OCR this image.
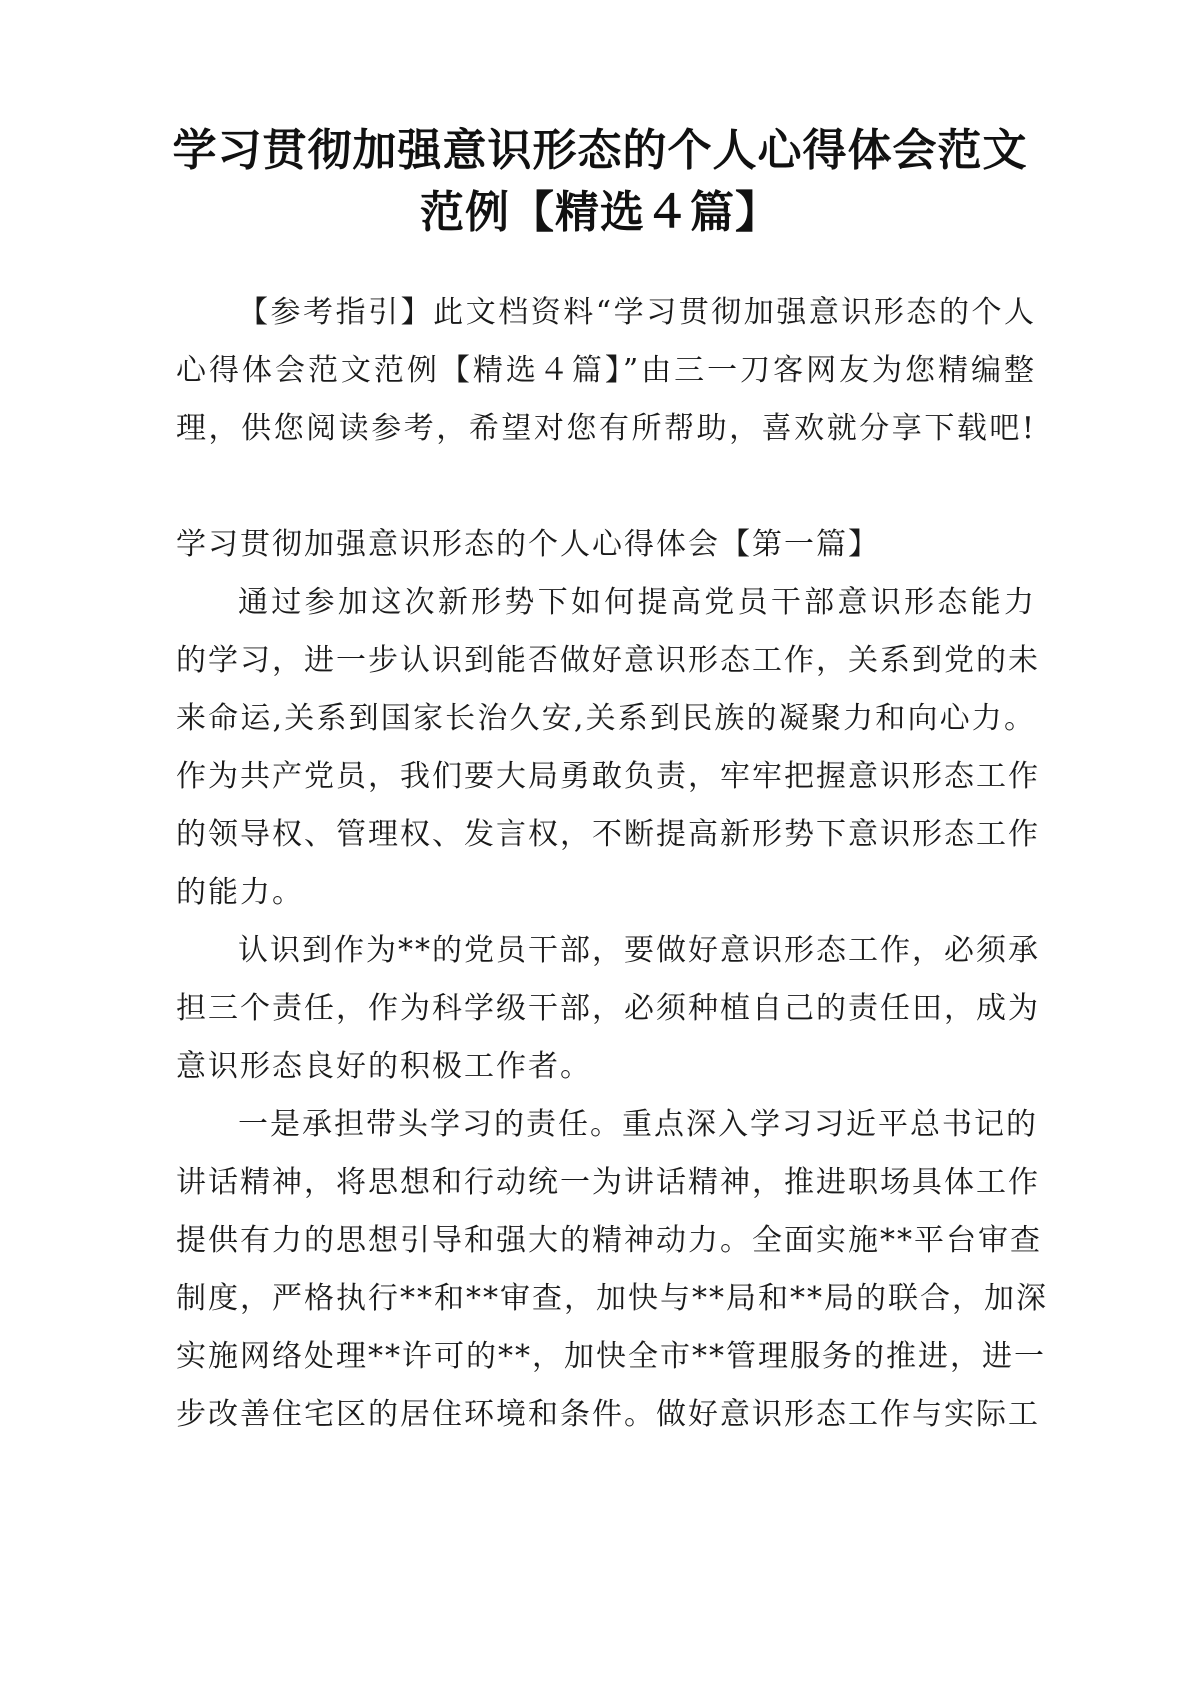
学习贯彻加强意识形态的个人心得体会范文
范例【精选４篇】
【参考指引】此文档资料“学习贯彻加强意识形态的个人
心得体会范文范例【精选４篇】”由三一刀客网友为您精编整
理，供您阅读参考，希望对您有所帮助，喜欢就分享下载吧!
学习贯彻加强意识形态的个人心得体会【第一篇】
通过参加这次新形势下如何提高党员干部意识形态能力
的学习，进一步认识到能否做好意识形态工作，关系到党的未
来命运,关系到国家长治久安,关系到民族的凝聚力和向心力。
作为共产党员，我们要大局勇敢负责，牢牢把握意识形态工作
的领导权、管理权、发言权，不断提高新形势下意识形态工作
的能力。
认识到作为**的党员干部，要做好意识形态工作，必须承
担三个责任，作为科学级干部，必须种植自己的责任田，成为
意识形态良好的积极工作者。
一是承担带头学习的责任。重点深入学习习近平总书记的
讲话精神，将思想和行动统一为讲话精神，推进职场具体工作
提供有力的思想引导和强大的精神动力。全面实施**平台审查
制度，严格执行**和**审查，加快与**局和**局的联合，加深
实施网络处理**许可的**，加快全市**管理服务的推进，进一
步改善住宅区的居住环境和条件。做好意识形态工作与实际工
